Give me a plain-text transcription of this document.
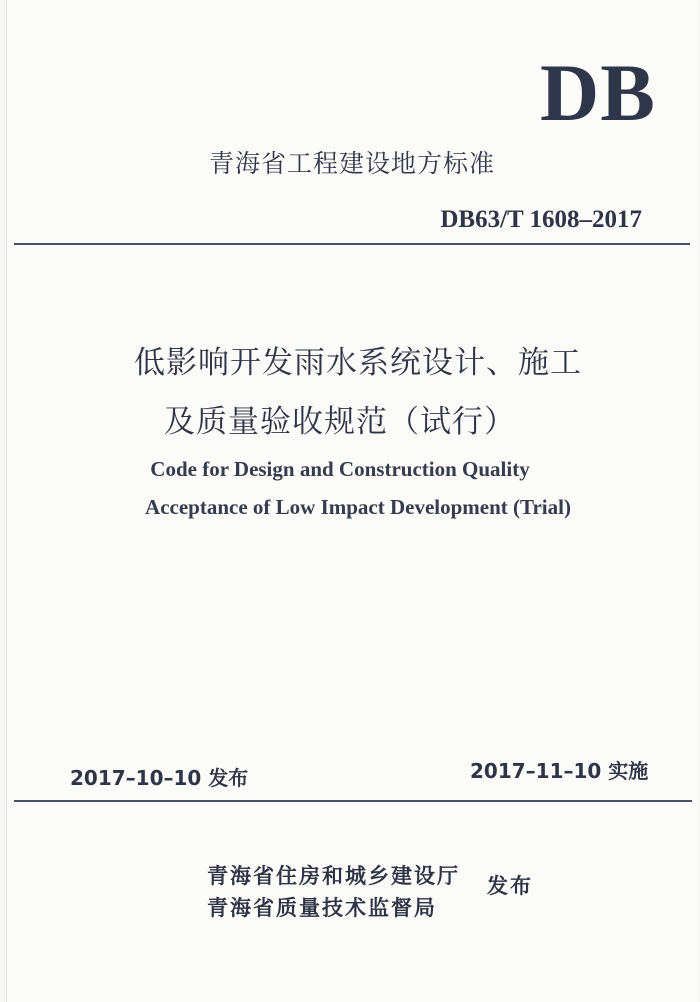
DB
青海省工程建设地方标准
DB63/T 1608–2017
低影响开发雨水系统设计、施工
及质量验收规范（试行）
Code for Design and Construction Quality
Acceptance of Low Impact Development (Trial)
2017–10–10 发布	2017–11–10 实施
青海省住房和城乡建设厅
青海省质量技术监督局
发布
